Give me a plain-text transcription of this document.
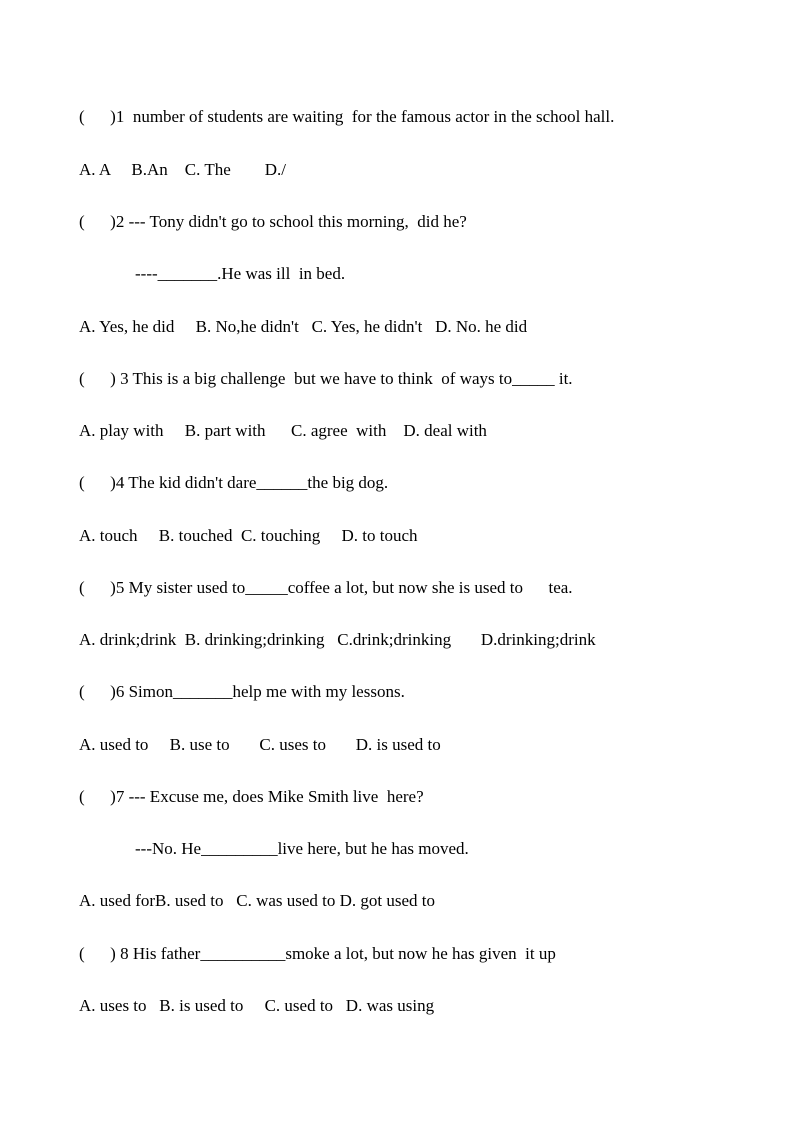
(      )1  number of students are waiting  for the famous actor in the school hall.
A. A     B.An    C. The        D./
(      )2 --- Tony didn't go to school this morning,  did he?
----_______.He was ill  in bed.
A. Yes, he did     B. No,he didn't   C. Yes, he didn't   D. No. he did
(      ) 3 This is a big challenge  but we have to think  of ways to_____ it.
A. play with     B. part with      C. agree  with    D. deal with
(      )4 The kid didn't dare______the big dog.
A. touch     B. touched  C. touching     D. to touch
(      )5 My sister used to_____coffee a lot, but now she is used to      tea.
A. drink;drink  B. drinking;drinking   C.drink;drinking       D.drinking;drink
(      )6 Simon_______help me with my lessons.
A. used to     B. use to       C. uses to       D. is used to
(      )7 --- Excuse me, does Mike Smith live  here?
---No. He_________live here, but he has moved.
A. used forB. used to   C. was used to D. got used to
(      ) 8 His father__________smoke a lot, but now he has given  it up
A. uses to   B. is used to     C. used to   D. was using
